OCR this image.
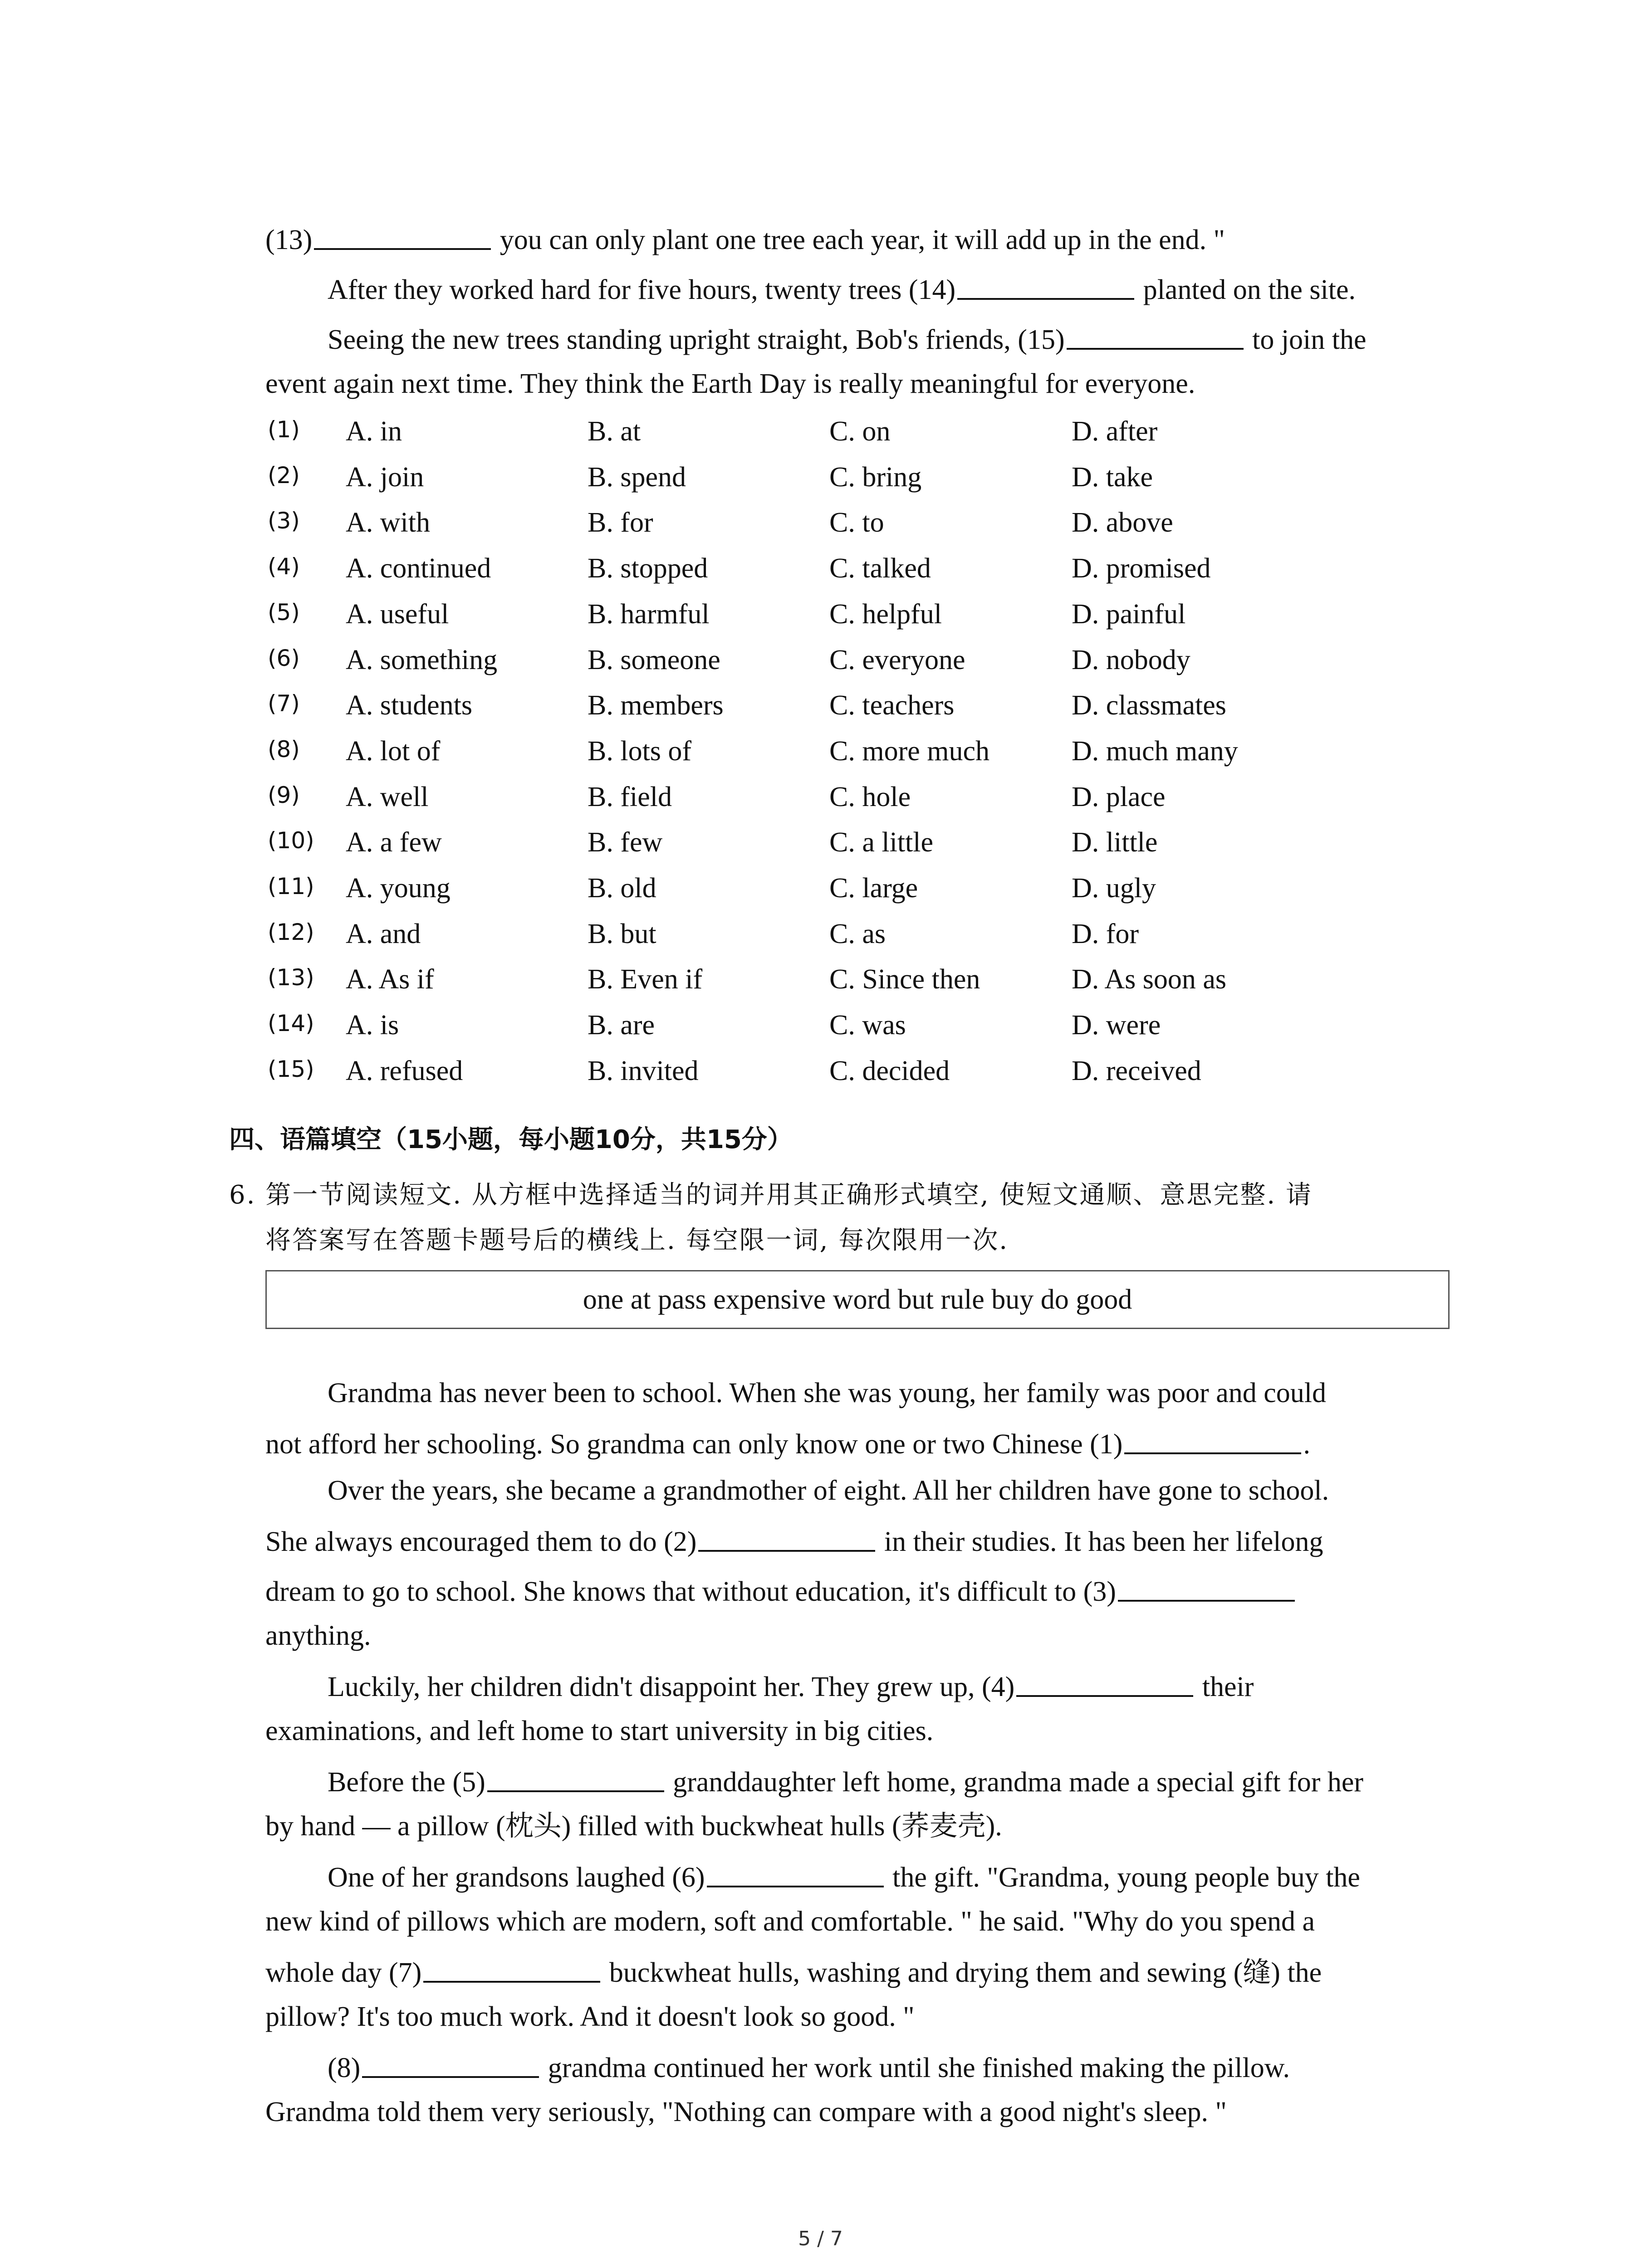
(13)	you can only plant one tree each year, it will add up in the end. "
After they worked hard for five hours, twenty trees (14)	planted on the site.
Seeing the new trees standing upright straight, Bob's friends, (15)	to join the
event again next time. They think the Earth Day is really meaningful for everyone.
(1) A. in	B. at	C. on	D. after
(2) A. join	B. spend	C. bring	D. take
(3) A. with	B. for	C. to	D. above
(4) A. continued	B. stopped	C. talked	D. promised
(5) A. useful	B. harmful	C. helpful	D. painful
(6) A. something	B. someone	C. everyone	D. nobody
(7) A. students	B. members	C. teachers	D. classmates
(8) A. lot of	B. lots of	C. more much	D. much many
(9) A. well	B. field	C. hole	D. place
(10) A. a few	B. few	C. a little	D. little
(11) A. young	B. old	C. large	D. ugly
(12) A. and	B. but	C. as	D. for
(13) A. As if	B. Even if	C. Since then	D. As soon as
(14) A. is	B. are	C. was	D. were
(15) A. refused	B. invited	C. decided	D. received
四、语篇填空（15小题，每小题10分，共15分）
6. 第一节阅读短文. 从方框中选择适当的词并用其正确形式填空, 使短文通顺、意思完整. 请
将答案写在答题卡题号后的横线上. 每空限一词, 每次限用一次.
one at pass expensive word but rule buy do good
Grandma has never been to school. When she was young, her family was poor and could
not afford her schooling. So grandma can only know one or two Chinese (1)	.
Over the years, she became a grandmother of eight. All her children have gone to school.
She always encouraged them to do (2)	in their studies. It has been her lifelong
dream to go to school. She knows that without education, it's difficult to (3)
anything.
Luckily, her children didn't disappoint her. They grew up, (4)	their
examinations, and left home to start university in big cities.
Before the (5)	granddaughter left home, grandma made a special gift for her
by hand — a pillow (枕头) filled with buckwheat hulls (荞麦壳).
One of her grandsons laughed (6)	the gift. "Grandma, young people buy the
new kind of pillows which are modern, soft and comfortable. " he said. "Why do you spend a
whole day (7)	buckwheat hulls, washing and drying them and sewing (缝) the
pillow? It's too much work. And it doesn't look so good. "
(8)	grandma continued her work until she finished making the pillow.
Grandma told them very seriously, "Nothing can compare with a good night's sleep. "
5 / 7
